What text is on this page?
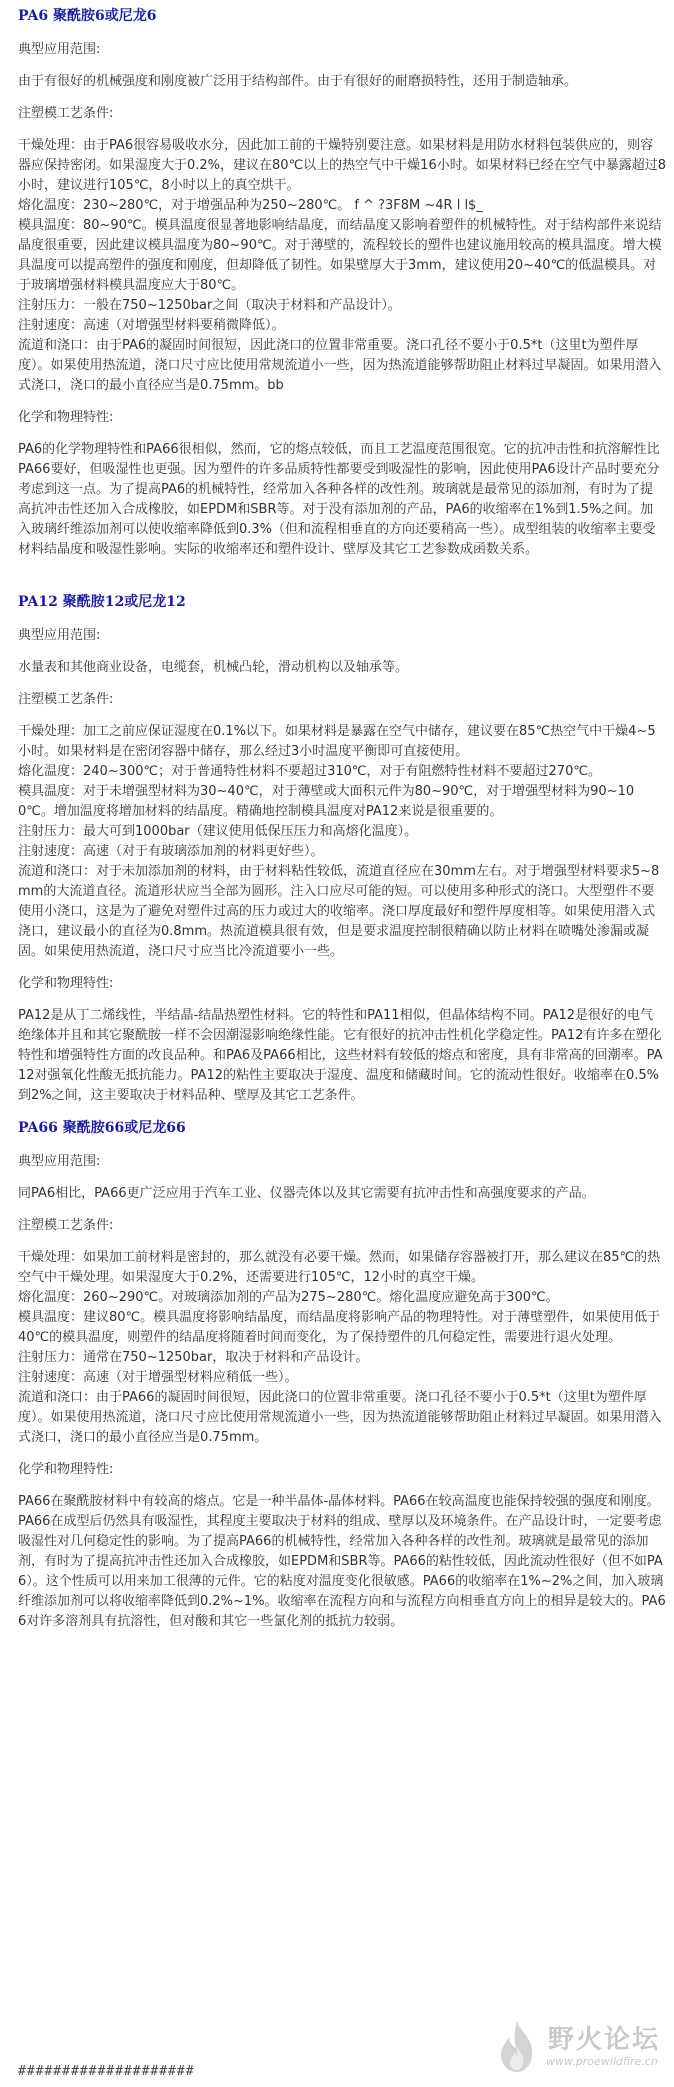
PA6 聚酰胺6或尼龙6
典型应用范围:
由于有很好的机械强度和刚度被广泛用于结构部件。由于有很好的耐磨损特性，还用于制造轴承。
注塑模工艺条件:

干燥处理：由于PA6很容易吸收水分，因此加工前的干燥特别要注意。如果材料是用防水材料包装供应的，则容器应保持密闭。如果湿度大于0.2%，建议在80℃以上的热空气中干燥16小时。如果材料已经在空气中暴露超过8小时，建议进行105℃，8小时以上的真空烘干。

熔化温度：230~280℃，对于增强品种为250~280℃。 f ^ ?3F8M ~4R l l$_

模具温度：80~90℃。模具温度很显著地影响结晶度，而结晶度又影响着塑件的机械特性。对于结构部件来说结晶度很重要，因此建议模具温度为80~90℃。对于薄壁的，流程较长的塑件也建议施用较高的模具温度。增大模具温度可以提高塑件的强度和刚度，但却降低了韧性。如果壁厚大于3mm，建议使用20~40℃的低温模具。对于玻璃增强材料模具温度应大于80℃。

注射压力：一般在750~1250bar之间（取决于材料和产品设计）。

注射速度：高速（对增强型材料要稍微降低）。

流道和浇口：由于PA6的凝固时间很短，因此浇口的位置非常重要。浇口孔径不要小于0.5*t（这里t为塑件厚度）。如果使用热流道，浇口尺寸应比使用常规流道小一些，因为热流道能够帮助阻止材料过早凝固。如果用潜入式浇口，浇口的最小直径应当是0.75mm。bb

化学和物理特性:
PA6的化学物理特性和PA66很相似，然而，它的熔点较低，而且工艺温度范围很宽。它的抗冲击性和抗溶解性比PA66要好，但吸湿性也更强。因为塑件的许多品质特性都要受到吸湿性的影响，因此使用PA6设计产品时要充分考虑到这一点。为了提高PA6的机械特性，经常加入各种各样的改性剂。玻璃就是最常见的添加剂，有时为了提高抗冲击性还加入合成橡胶，如EPDM和SBR等。对于没有添加剂的产品，PA6的收缩率在1%到1.5%之间。加入玻璃纤维添加剂可以使收缩率降低到0.3%（但和流程相垂直的方向还要稍高一些）。成型组装的收缩率主要受材料结晶度和吸湿性影响。实际的收缩率还和塑件设计、壁厚及其它工艺参数成函数关系。
PA12 聚酰胺12或尼龙12
典型应用范围:
水量表和其他商业设备，电缆套，机械凸轮，滑动机构以及轴承等。
注塑模工艺条件:

干燥处理：加工之前应保证湿度在0.1%以下。如果材料是暴露在空气中储存，建议要在85℃热空气中干燥4~5小时。如果材料是在密闭容器中储存，那么经过3小时温度平衡即可直接使用。

熔化温度：240~300℃；对于普通特性材料不要超过310℃，对于有阻燃特性材料不要超过270℃。

模具温度：对于未增强型材料为30~40℃，对于薄壁或大面积元件为80~90℃，对于增强型材料为90~100℃。增加温度将增加材料的结晶度。精确地控制模具温度对PA12来说是很重要的。

注射压力：最大可到1000bar（建议使用低保压压力和高熔化温度）。

注射速度：高速（对于有玻璃添加剂的材料更好些）。

流道和浇口：对于未加添加剂的材料，由于材料粘性较低，流道直径应在30mm左右。对于增强型材料要求5~8mm的大流道直径。流道形状应当全部为圆形。注入口应尽可能的短。可以使用多种形式的浇口。大型塑件不要使用小浇口，这是为了避免对塑件过高的压力或过大的收缩率。浇口厚度最好和塑件厚度相等。如果使用潜入式浇口，建议最小的直径为0.8mm。热流道模具很有效，但是要求温度控制很精确以防止材料在喷嘴处渗漏或凝固。如果使用热流道，浇口尺寸应当比冷流道要小一些。

化学和物理特性:
PA12是从丁二烯线性，半结晶-结晶热塑性材料。它的特性和PA11相似，但晶体结构不同。PA12是很好的电气绝缘体并且和其它聚酰胺一样不会因潮湿影响绝缘性能。它有很好的抗冲击性机化学稳定性。PA12有许多在塑化特性和增强特性方面的改良品种。和PA6及PA66相比，这些材料有较低的熔点和密度，具有非常高的回潮率。PA12对强氧化性酸无抵抗能力。PA12的粘性主要取决于湿度、温度和储藏时间。它的流动性很好。收缩率在0.5%到2%之间，这主要取决于材料品种、壁厚及其它工艺条件。
PA66 聚酰胺66或尼龙66
典型应用范围:
同PA6相比，PA66更广泛应用于汽车工业、仪器壳体以及其它需要有抗冲击性和高强度要求的产品。
注塑模工艺条件:

干燥处理：如果加工前材料是密封的，那么就没有必要干燥。然而，如果储存容器被打开，那么建议在85℃的热空气中干燥处理。如果湿度大于0.2%，还需要进行105℃，12小时的真空干燥。

熔化温度：260~290℃。对玻璃添加剂的产品为275~280℃。熔化温度应避免高于300℃。

模具温度：建议80℃。模具温度将影响结晶度，而结晶度将影响产品的物理特性。对于薄壁塑件，如果使用低于40℃的模具温度，则塑件的结晶度将随着时间而变化，为了保持塑件的几何稳定性，需要进行退火处理。

注射压力：通常在750~1250bar，取决于材料和产品设计。

注射速度：高速（对于增强型材料应稍低一些）。

流道和浇口：由于PA66的凝固时间很短，因此浇口的位置非常重要。浇口孔径不要小于0.5*t（这里t为塑件厚度）。如果使用热流道，浇口尺寸应比使用常规流道小一些，因为热流道能够帮助阻止材料过早凝固。如果用潜入式浇口，浇口的最小直径应当是0.75mm。

化学和物理特性:
PA66在聚酰胺材料中有较高的熔点。它是一种半晶体-晶体材料。PA66在较高温度也能保持较强的强度和刚度。PA66在成型后仍然具有吸湿性，其程度主要取决于材料的组成、壁厚以及环境条件。在产品设计时，一定要考虑吸湿性对几何稳定性的影响。为了提高PA66的机械特性，经常加入各种各样的改性剂。玻璃就是最常见的添加剂，有时为了提高抗冲击性还加入合成橡胶，如EPDM和SBR等。PA66的粘性较低，因此流动性很好（但不如PA6）。这个性质可以用来加工很薄的元件。它的粘度对温度变化很敏感。PA66的收缩率在1%~2%之间，加入玻璃纤维添加剂可以将收缩率降低到0.2%~1%。收缩率在流程方向和与流程方向相垂直方向上的相异是较大的。PA66对许多溶剂具有抗溶性，但对酸和其它一些氯化剂的抵抗力较弱。
####################
野火论坛
www.proewildfire.cn
